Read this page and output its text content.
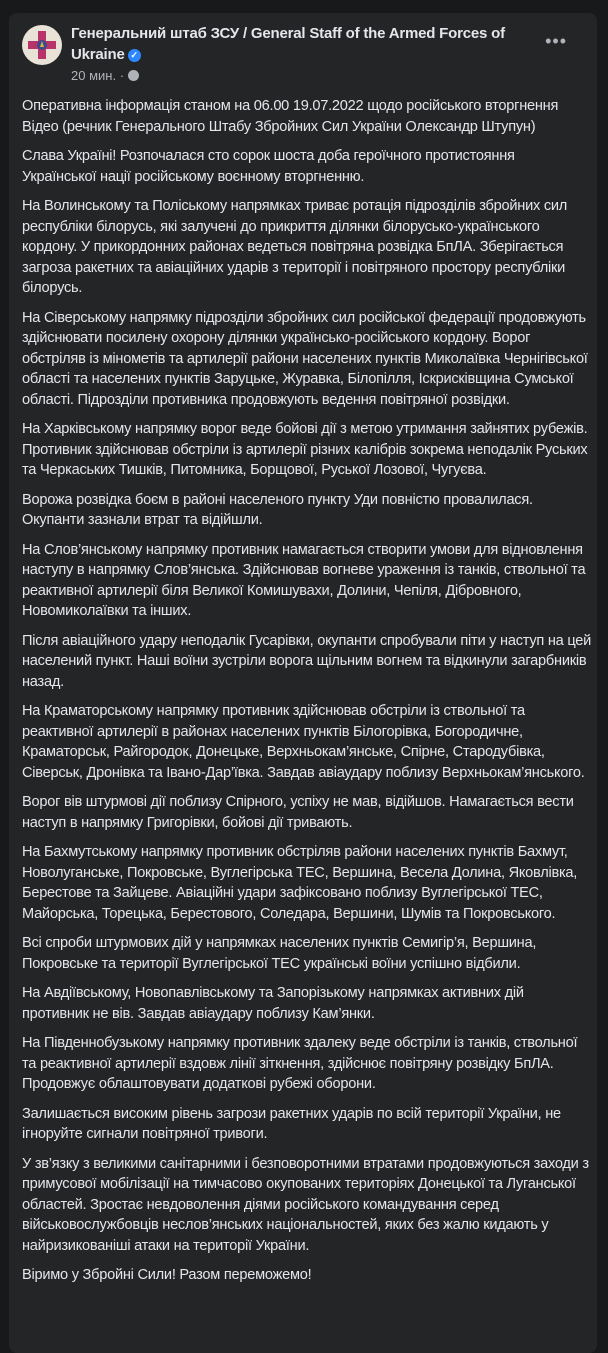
Генеральний штаб ЗСУ / General Staff of the Armed Forces of Ukraine ✓
20 мин. ·
•••

Оперативна інформація станом на 06.00 19.07.2022 щодо російського вторгнення
Відео (речник Генерального Штабу Збройних Сил України Олександр Штупун)

Слава Україні! Розпочалася сто сорок шоста доба героїчного протистояння Української нації російському воєнному вторгненню.

На Волинському та Поліському напрямках триває ротація підрозділів збройних сил республіки білорусь, які залучені до прикриття ділянки білорусько-українського кордону. У прикордонних районах ведеться повітряна розвідка БпЛА. Зберігається загроза ракетних та авіаційних ударів з території і повітряного простору республіки білорусь.

На Сіверському напрямку підрозділи збройних сил російської федерації продовжують здійснювати посилену охорону ділянки українсько-російського кордону. Ворог обстріляв із мінометів та артилерії райони населених пунктів Миколаївка Чернігівської області та населених пунктів Заруцьке, Журавка, Білопілля, Іскрисківщина Сумської області. Підрозділи противника продовжують ведення повітряної розвідки.

На Харківському напрямку ворог веде бойові дії з метою утримання зайнятих рубежів. Противник здійснював обстріли із артилерії різних калібрів зокрема неподалік Руських та Черкаських Тишків, Питомника, Борщової, Руської Лозової, Чугуєва.

Ворожа розвідка боєм в районі населеного пункту Уди повністю провалилася. Окупанти зазнали втрат та відійшли.

На Слов’янському напрямку противник намагається створити умови для відновлення наступу в напрямку Слов’янська. Здійснював вогневе ураження із танків, ствольної та реактивної артилерії біля Великої Комишувахи, Долини, Чепіля, Дібровного, Новомиколаївки та інших.

Після авіаційного удару неподалік Гусарівки, окупанти спробували піти у наступ на цей населений пункт. Наші воїни зустріли ворога щільним вогнем та відкинули загарбників назад.

На Краматорському напрямку противник здійснював обстріли із ствольної та реактивної артилерії в районах населених пунктів Білогорівка, Богородичне, Краматорськ, Райгородок, Донецьке, Верхньокам’янське, Спірне, Стародубівка, Сіверськ, Дронівка та Івано-Дар’ївка. Завдав авіаудару поблизу Верхньокам’янського.

Ворог вів штурмові дії поблизу Спірного, успіху не мав, відійшов. Намагається вести наступ в напрямку Григорівки, бойові дії тривають.

На Бахмутському напрямку противник обстріляв райони населених пунктів Бахмут, Новолуганське, Покровське, Вуглегірська ТЕС, Вершина, Весела Долина, Яковлівка, Берестове та Зайцеве. Авіаційні удари зафіксовано поблизу Вуглегірської ТЕС, Майорська, Торецька, Берестового, Соледара, Вершини, Шумів та Покровського.

Всі спроби штурмових дій у напрямках населених пунктів Семигір’я, Вершина, Покровське та території Вуглегірської ТЕС українські воїни успішно відбили.

На Авдіївському, Новопавлівському та Запорізькому напрямках активних дій противник не вів. Завдав авіаудару поблизу Кам’янки.

На Південнобузькому напрямку противник здалеку веде обстріли із танків, ствольної та реактивної артилерії вздовж лінії зіткнення, здійснює повітряну розвідку БпЛА. Продовжує облаштовувати додаткові рубежі оборони.

Залишається високим рівень загрози ракетних ударів по всій території України, не ігноруйте сигнали повітряної тривоги.

У зв’язку з великими санітарними і безповоротними втратами продовжуються заходи з примусової мобілізації на тимчасово окупованих територіях Донецької та Луганської областей. Зростає невдоволення діями російського командування серед військовослужбовців неслов’янських національностей, яких без жалю кидають у найризикованіші атаки на території України.

Віримо у Збройні Сили! Разом переможемо!
